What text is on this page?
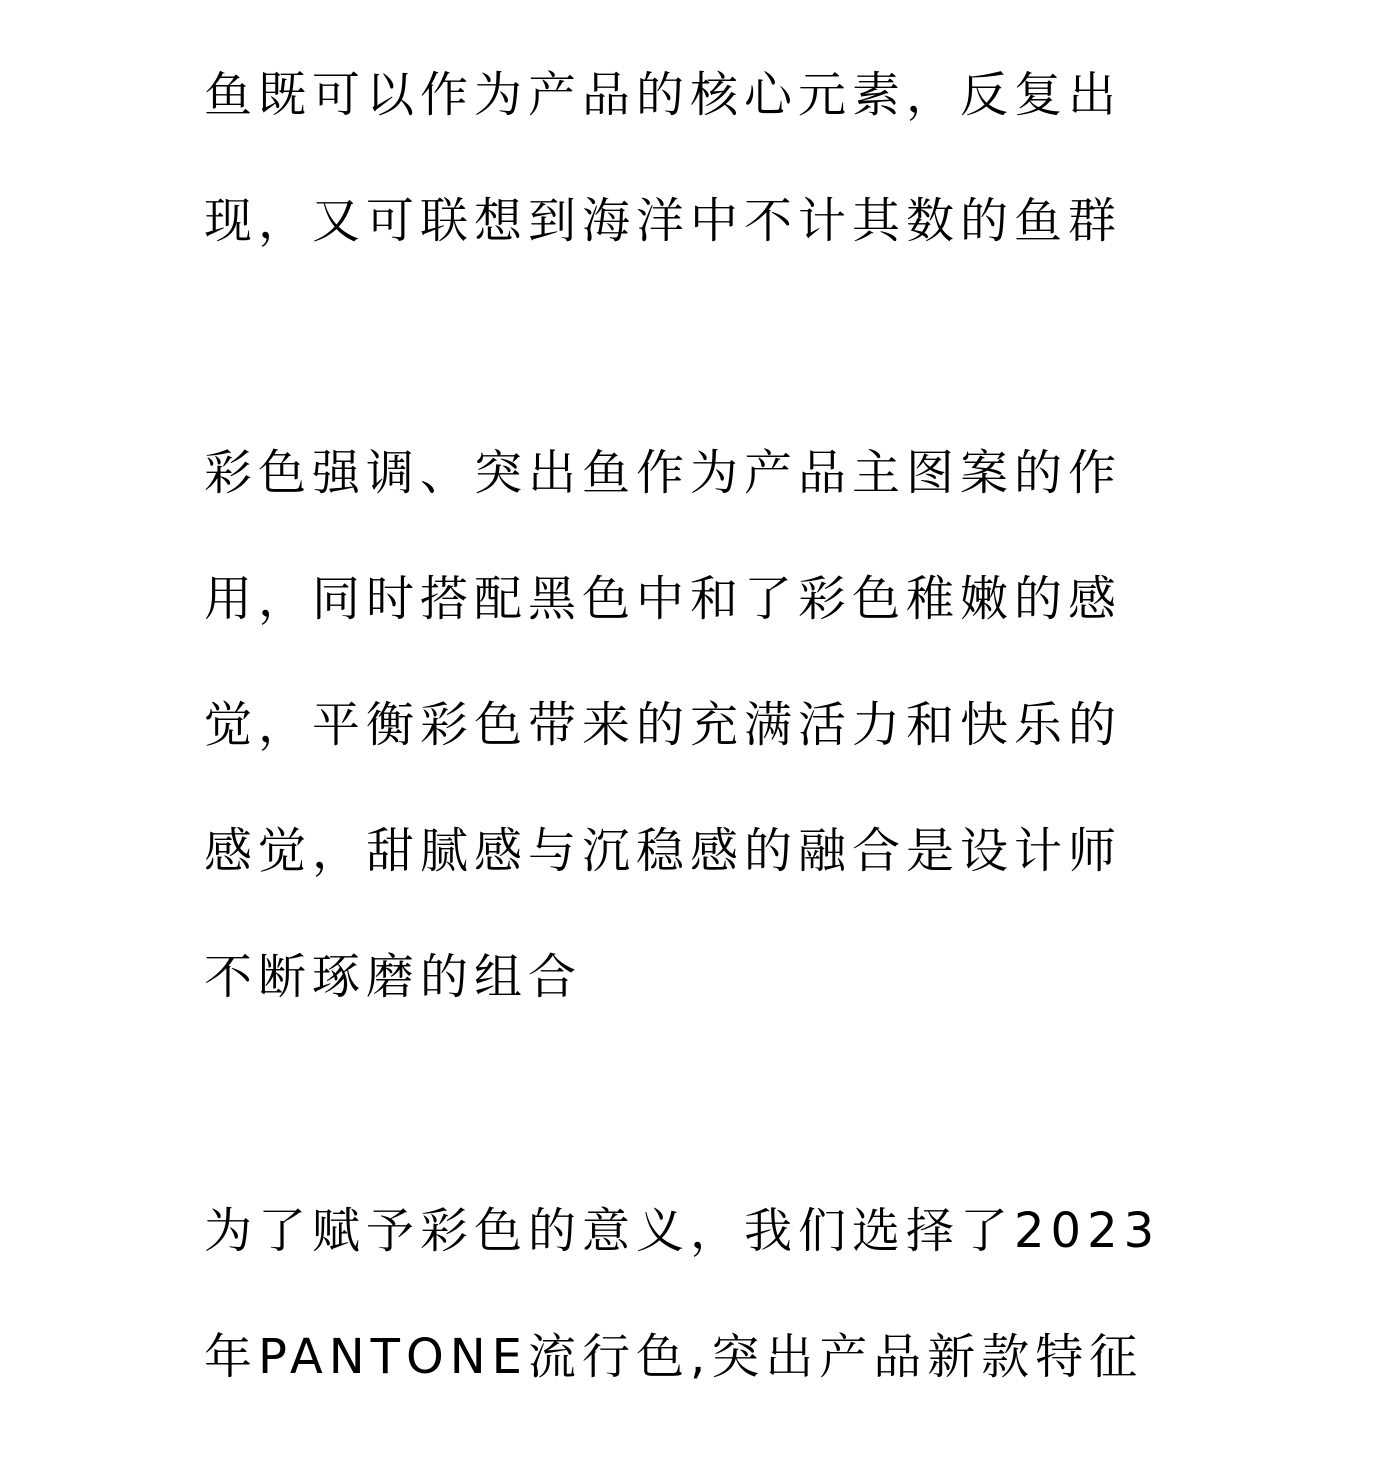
鱼既可以作为产品的核心元素，反复出

现，又可联想到海洋中不计其数的鱼群

彩色强调、突出鱼作为产品主图案的作

用，同时搭配黑色中和了彩色稚嫩的感

觉，平衡彩色带来的充满活力和快乐的

感觉，甜腻感与沉稳感的融合是设计师

不断琢磨的组合

为了赋予彩色的意义，我们选择了2023

年PANTONE流行色,突出产品新款特征
